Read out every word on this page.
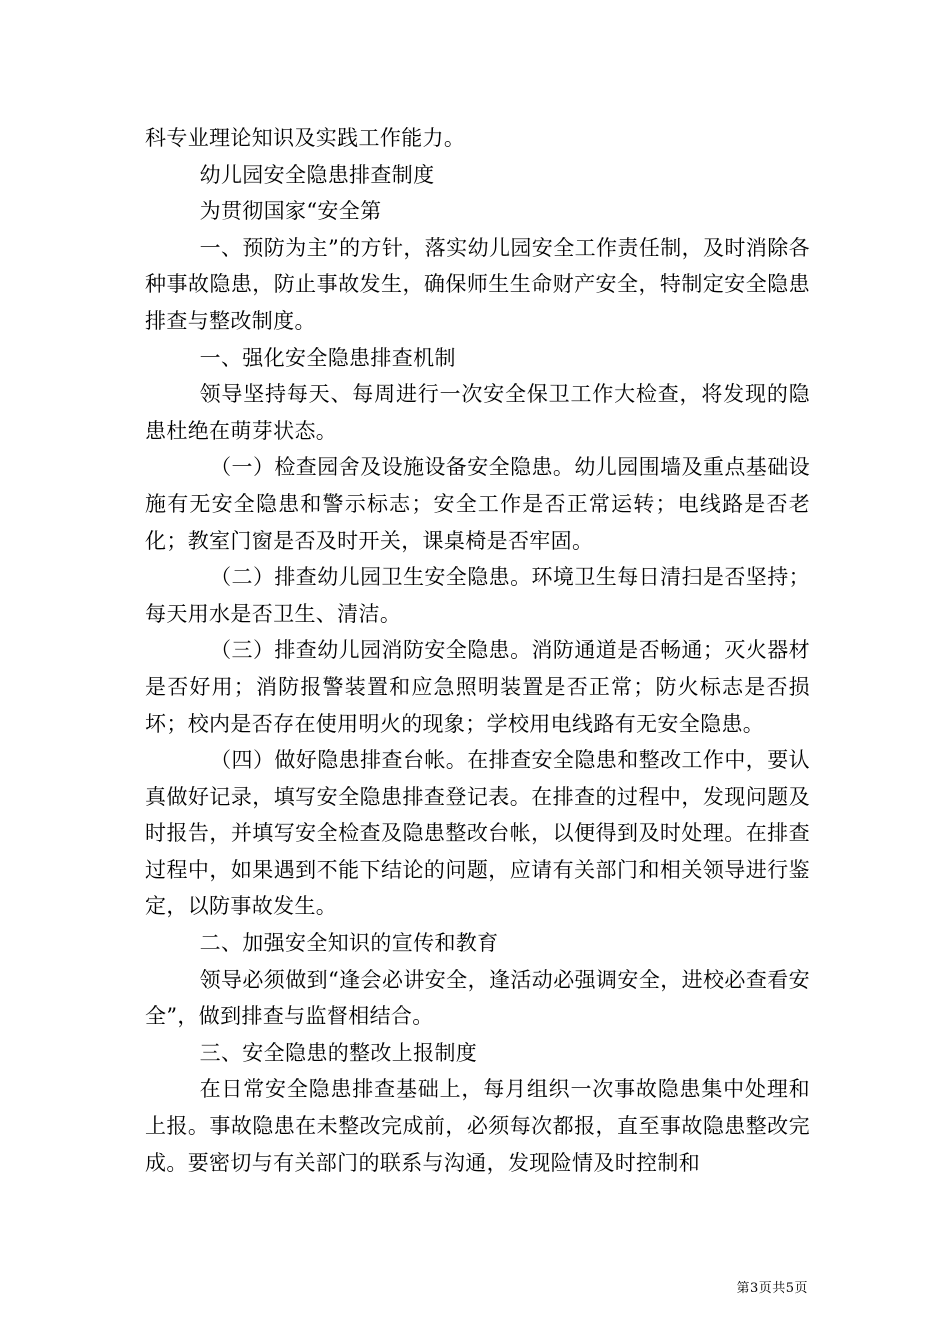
科专业理论知识及实践工作能力。

幼儿园安全隐患排查制度

为贯彻国家“安全第

一、预防为主”的方针，落实幼儿园安全工作责任制，及时消除各种事故隐患，防止事故发生，确保师生生命财产安全，特制定安全隐患排查与整改制度。

一、强化安全隐患排查机制

领导坚持每天、每周进行一次安全保卫工作大检查，将发现的隐患杜绝在萌芽状态。

（一）检查园舍及设施设备安全隐患。幼儿园围墙及重点基础设施有无安全隐患和警示标志；安全工作是否正常运转；电线路是否老化；教室门窗是否及时开关，课桌椅是否牢固。

（二）排查幼儿园卫生安全隐患。环境卫生每日清扫是否坚持；每天用水是否卫生、清洁。

（三）排查幼儿园消防安全隐患。消防通道是否畅通；灭火器材是否好用；消防报警装置和应急照明装置是否正常；防火标志是否损坏；校内是否存在使用明火的现象；学校用电线路有无安全隐患。

（四）做好隐患排查台帐。在排查安全隐患和整改工作中，要认真做好记录，填写安全隐患排查登记表。在排查的过程中，发现问题及时报告，并填写安全检查及隐患整改台帐，以便得到及时处理。在排查过程中，如果遇到不能下结论的问题，应请有关部门和相关领导进行鉴定，以防事故发生。

二、加强安全知识的宣传和教育

领导必须做到“逢会必讲安全，逢活动必强调安全，进校必查看安全”，做到排查与监督相结合。

三、安全隐患的整改上报制度

在日常安全隐患排查基础上，每月组织一次事故隐患集中处理和上报。事故隐患在未整改完成前，必须每次都报，直至事故隐患整改完成。要密切与有关部门的联系与沟通，发现险情及时控制和

第3页共5页
